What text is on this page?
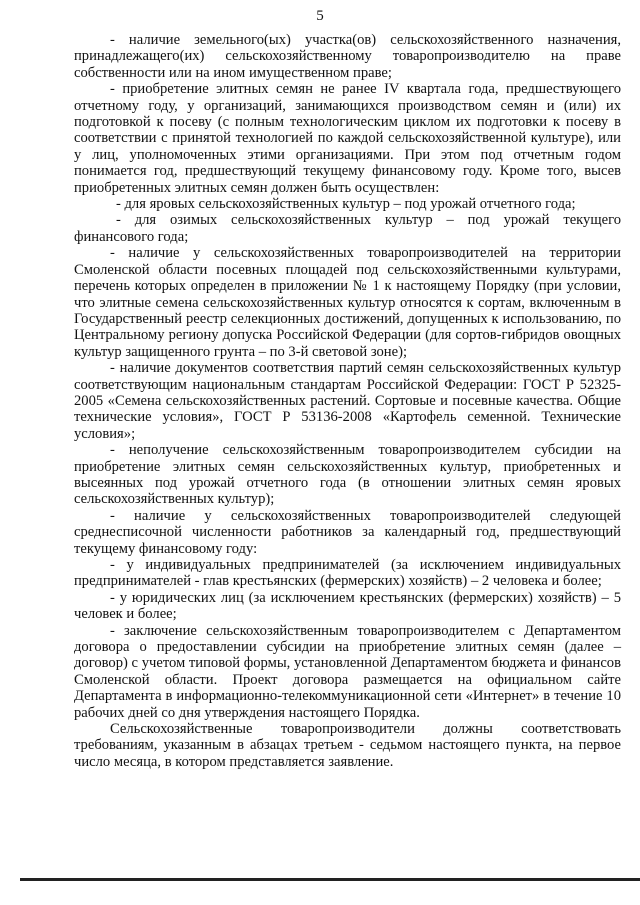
5

- наличие земельного(ых) участка(ов) сельскохозяйственного назначения, принадлежащего(их) сельскохозяйственному товаропроизводителю на праве собственности или на ином имущественном праве;

- приобретение элитных семян не ранее IV квартала года, предшествующего отчетному году, у организаций, занимающихся производством семян и (или) их подготовкой к посеву (с полным технологическим циклом их подготовки к посеву в соответствии с принятой технологией по каждой сельскохозяйственной культуре), или у лиц, уполномоченных этими организациями. При этом под отчетным годом понимается год, предшествующий текущему финансовому году. Кроме того, высев приобретенных элитных семян должен быть осуществлен:

- для яровых сельскохозяйственных культур – под урожай отчетного года;

- для озимых сельскохозяйственных культур – под урожай текущего финансового года;

- наличие у сельскохозяйственных товаропроизводителей на территории Смоленской области посевных площадей под сельскохозяйственными культурами, перечень которых определен в приложении № 1 к настоящему Порядку (при условии, что элитные семена сельскохозяйственных культур относятся к сортам, включенным в Государственный реестр селекционных достижений, допущенных к использованию, по Центральному региону допуска Российской Федерации (для сортов-гибридов овощных культур защищенного грунта – по 3-й световой зоне);

- наличие документов соответствия партий семян сельскохозяйственных культур соответствующим национальным стандартам Российской Федерации: ГОСТ Р 52325-2005 «Семена сельскохозяйственных растений. Сортовые и посевные качества. Общие технические условия», ГОСТ Р 53136-2008 «Картофель семенной. Технические условия»;

- неполучение сельскохозяйственным товаропроизводителем субсидии на приобретение элитных семян сельскохозяйственных культур, приобретенных и высеянных под урожай отчетного года (в отношении элитных семян яровых сельскохозяйственных культур);

- наличие у сельскохозяйственных товаропроизводителей следующей среднесписочной численности работников за календарный год, предшествующий текущему финансовому году:

- у индивидуальных предпринимателей (за исключением индивидуальных предпринимателей - глав крестьянских (фермерских) хозяйств) – 2 человека и более;

- у юридических лиц (за исключением крестьянских (фермерских) хозяйств) – 5 человек и более;

- заключение сельскохозяйственным товаропроизводителем с Департаментом договора о предоставлении субсидии на приобретение элитных семян (далее – договор) с учетом типовой формы, установленной Департаментом бюджета и финансов Смоленской области. Проект договора размещается на официальном сайте Департамента в информационно-телекоммуникационной сети «Интернет» в течение 10 рабочих дней со дня утверждения настоящего Порядка.

Сельскохозяйственные товаропроизводители должны соответствовать требованиям, указанным в абзацах третьем - седьмом настоящего пункта, на первое число месяца, в котором представляется заявление.
